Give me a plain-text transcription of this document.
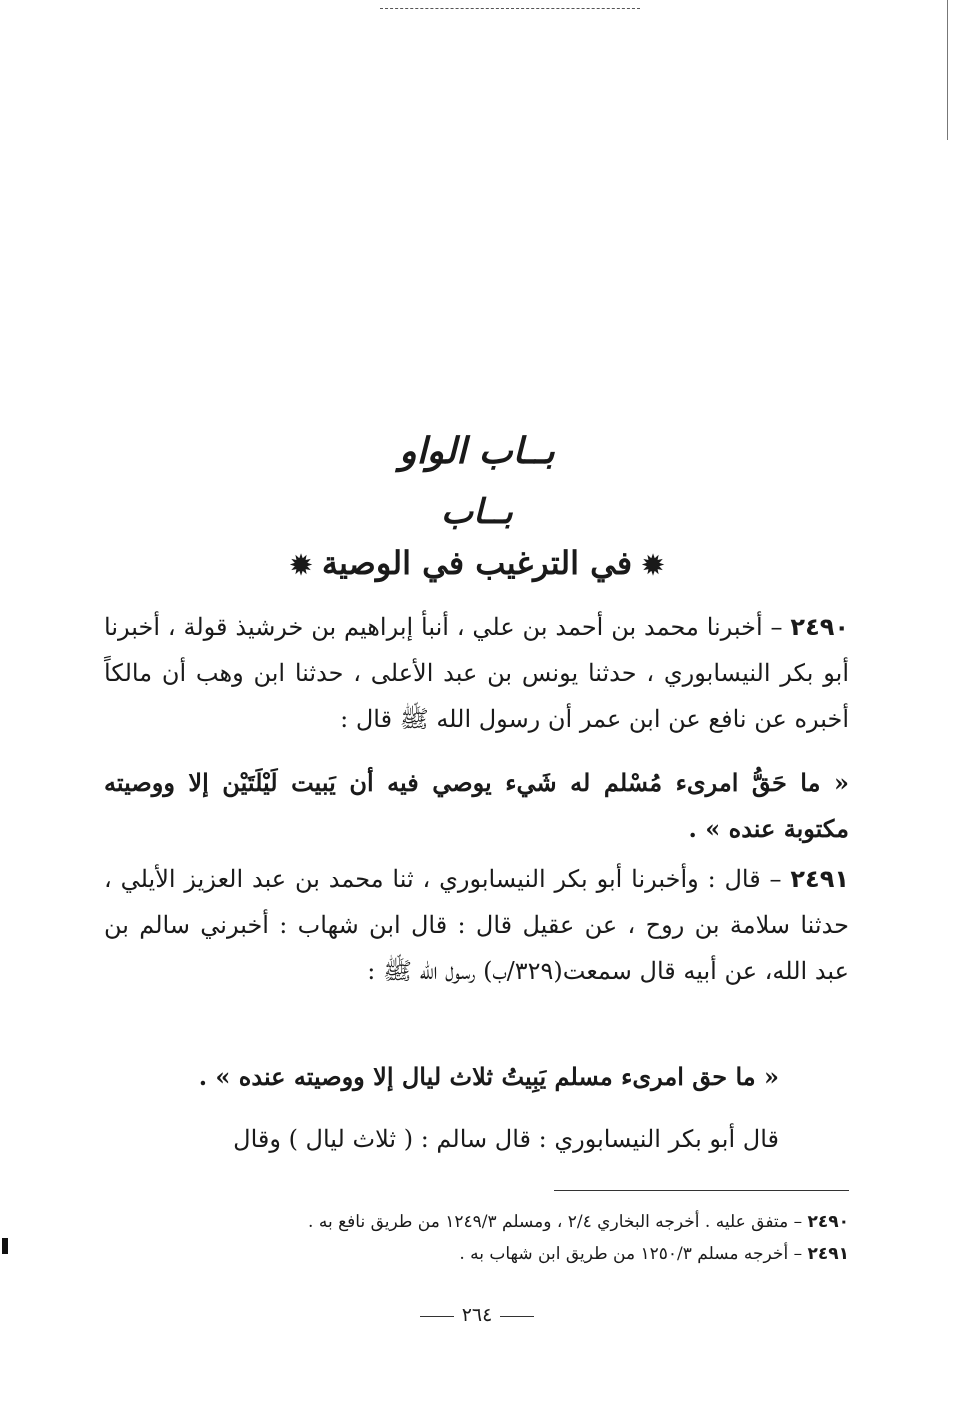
بــاب الواو
بــاب
✹في الترغيب في الوصية✹
٢٤٩٠ – أخبرنا محمد بن أحمد بن علي ، أنبأ إبراهيم بن خرشيذ قولة ، أخبرنا أبو بكر النيسابوري ، حدثنا يونس بن عبد الأعلى ، حدثنا ابن وهب أن مالكاً أخبره عن نافع عن ابن عمر أن رسول الله ﷺ قال :
« ما حَقُّ امرىء مُسْلم له شَيء يوصي فيه أن يَبيت لَيْلَتَيْن إلا ووصيته مكتوبة عنده » .
٢٤٩١ – قال : وأخبرنا أبو بكر النيسابوري ، ثنا محمد بن عبد العزيز الأيلي ، حدثنا سلامة بن روح ، عن عقيل قال : قال ابن شهاب : أخبرني سالم بن عبد الله، عن أبيه قال سمعت(٣٢٩/ب) رسول الله ﷺ :
« ما حق امرىء مسلم يَبِيتُ ثلاث ليال إلا ووصيته عنده » .
قال أبو بكر النيسابوري : قال سالم : ( ثلاث ليال ) وقال

٢٤٩٠ – متفق عليه . أخرجه البخاري ٢/٤ ، ومسلم ١٢٤٩/٣ من طريق نافع به .

٢٤٩١ – أخرجه مسلم ١٢٥٠/٣ من طريق ابن شهاب به .

٢٦٤
